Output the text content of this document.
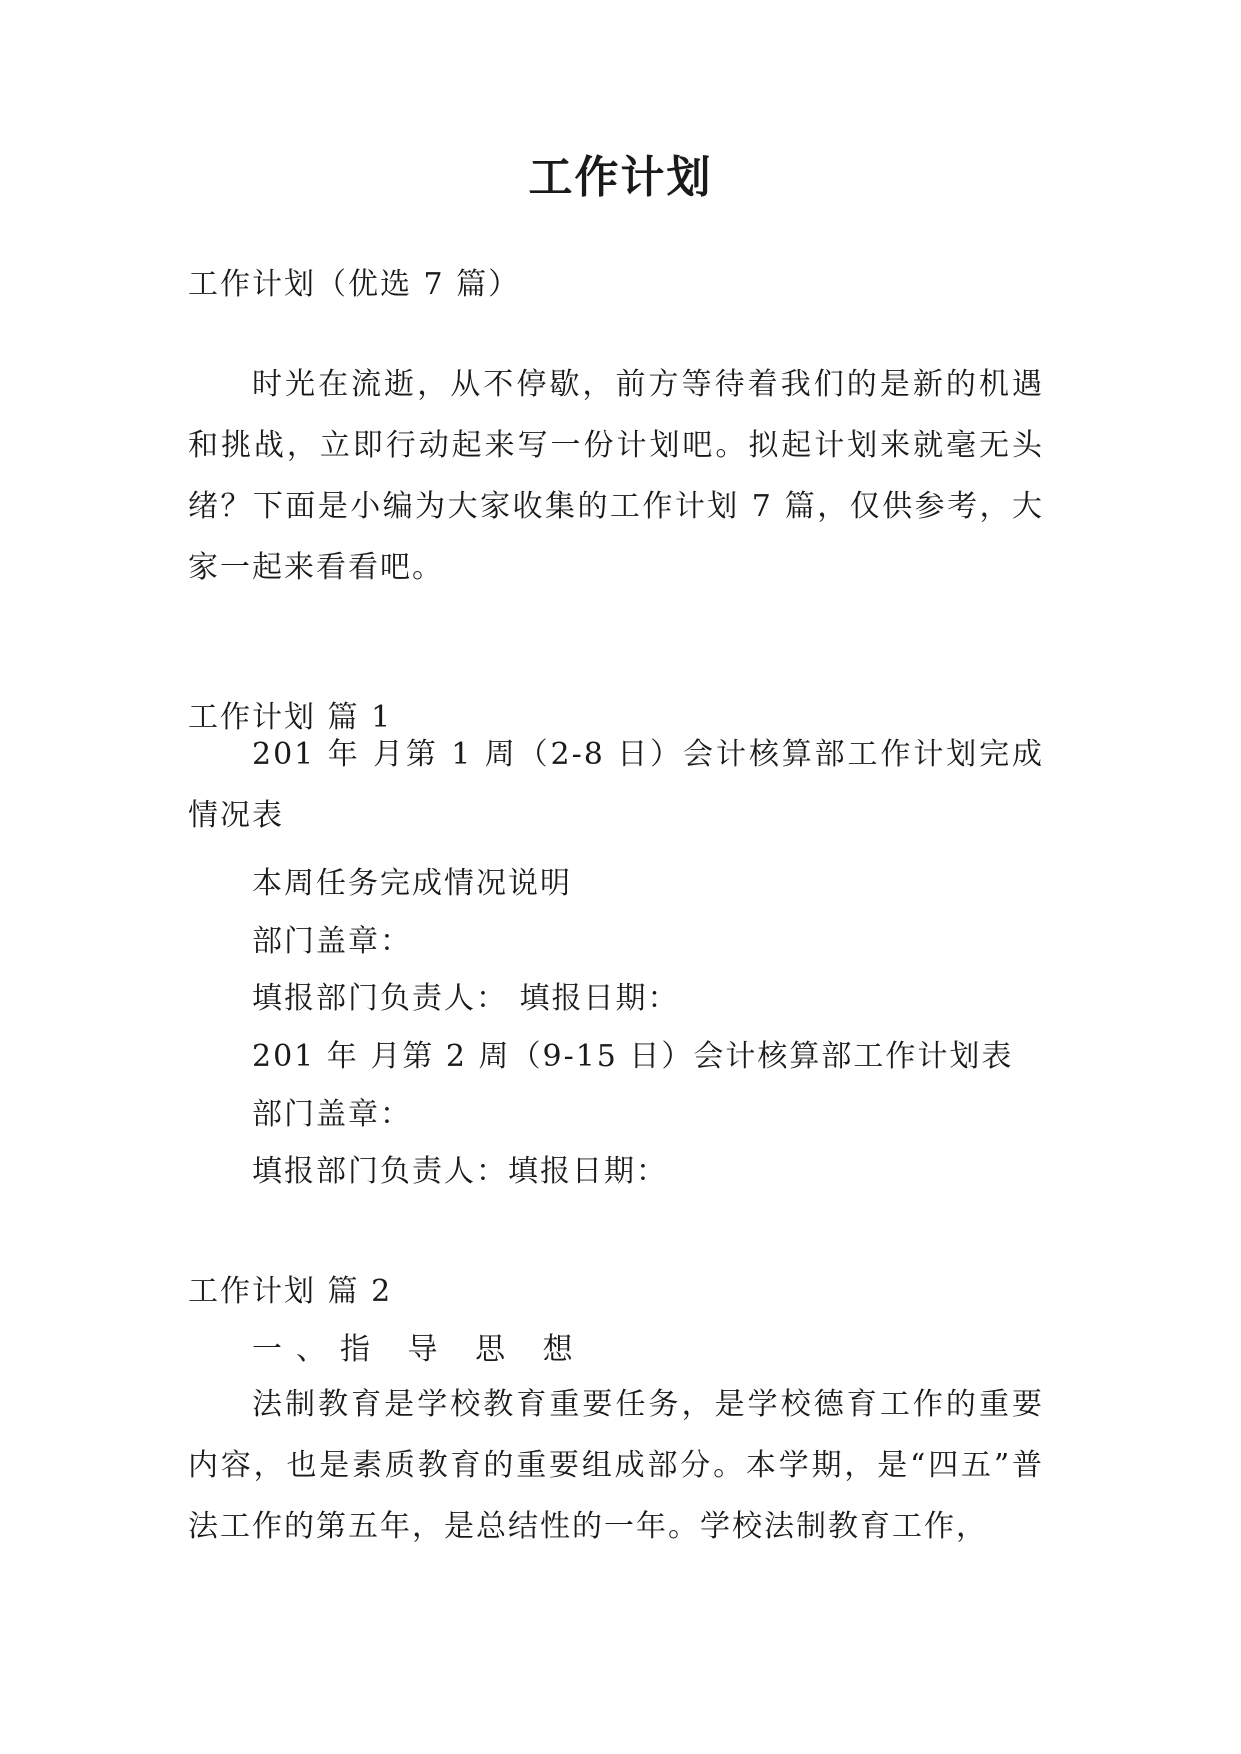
工作计划
工作计划（优选 7 篇）

时光在流逝，从不停歇，前方等待着我们的是新的机遇和挑战，立即行动起来写一份计划吧。拟起计划来就毫无头绪？下面是小编为大家收集的工作计划 7 篇，仅供参考，大家一起来看看吧。

工作计划 篇 1

201 年 月第 1 周（2-8 日）会计核算部工作计划完成情况表

本周任务完成情况说明
部门盖章：
填报部门负责人： 填报日期：
201 年 月第 2 周（9-15 日）会计核算部工作计划表
部门盖章：
填报部门负责人：填报日期：
工作计划 篇 2
一、指 导 思 想

法制教育是学校教育重要任务，是学校德育工作的重要内容，也是素质教育的重要组成部分。本学期，是“四五”普法工作的第五年，是总结性的一年。学校法制教育工作，
